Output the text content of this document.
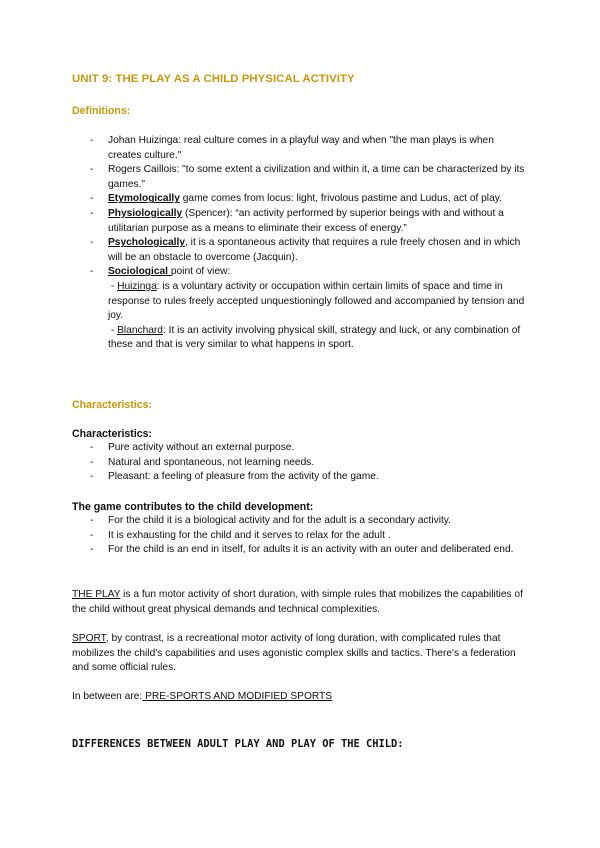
UNIT 9: THE PLAY AS A CHILD PHYSICAL ACTIVITY
Definitions:
- Johan Huizinga: real culture comes in a playful way and when "the man plays is when creates culture."
- Rogers Caillois: "to some extent a civilization and within it, a time can be characterized by its games."
- Etymologically game comes from locus: light, frivolous pastime and Ludus, act of play.
- Physiologically (Spencer): “an activity performed by superior beings with and without a utilitarian purpose as a means to eliminate their excess of energy.”
- Psychologically, it is a spontaneous activity that requires a rule freely chosen and in which will be an obstacle to overcome (Jacquin).
- Sociological point of view:
- Huizinga: is a voluntary activity or occupation within certain limits of space and time in response to rules freely accepted unquestioningly followed and accompanied by tension and joy.
- Blanchard: It is an activity involving physical skill, strategy and luck, or any combination of these and that is very similar to what happens in sport.
Characteristics:
Characteristics:
- Pure activity without an external purpose.
- Natural and spontaneous, not learning needs.
- Pleasant: a feeling of pleasure from the activity of the game.
The game contributes to the child development:
- For the child it is a biological activity and for the adult is a secondary activity.
- It is exhausting for the child and it serves to relax for the adult .
- For the child is an end in itself, for adults it is an activity with an outer and deliberated end.

THE PLAY is a fun motor activity of short duration, with simple rules that mobilizes the capabilities of the child without great physical demands and technical complexities.

SPORT, by contrast, is a recreational motor activity of long duration, with complicated rules that mobilizes the child's capabilities and uses agonistic complex skills and tactics. There's a federation and some official rules.

In between are: PRE-SPORTS AND MODIFIED SPORTS

DIFFERENCES BETWEEN ADULT PLAY AND PLAY OF THE CHILD:
